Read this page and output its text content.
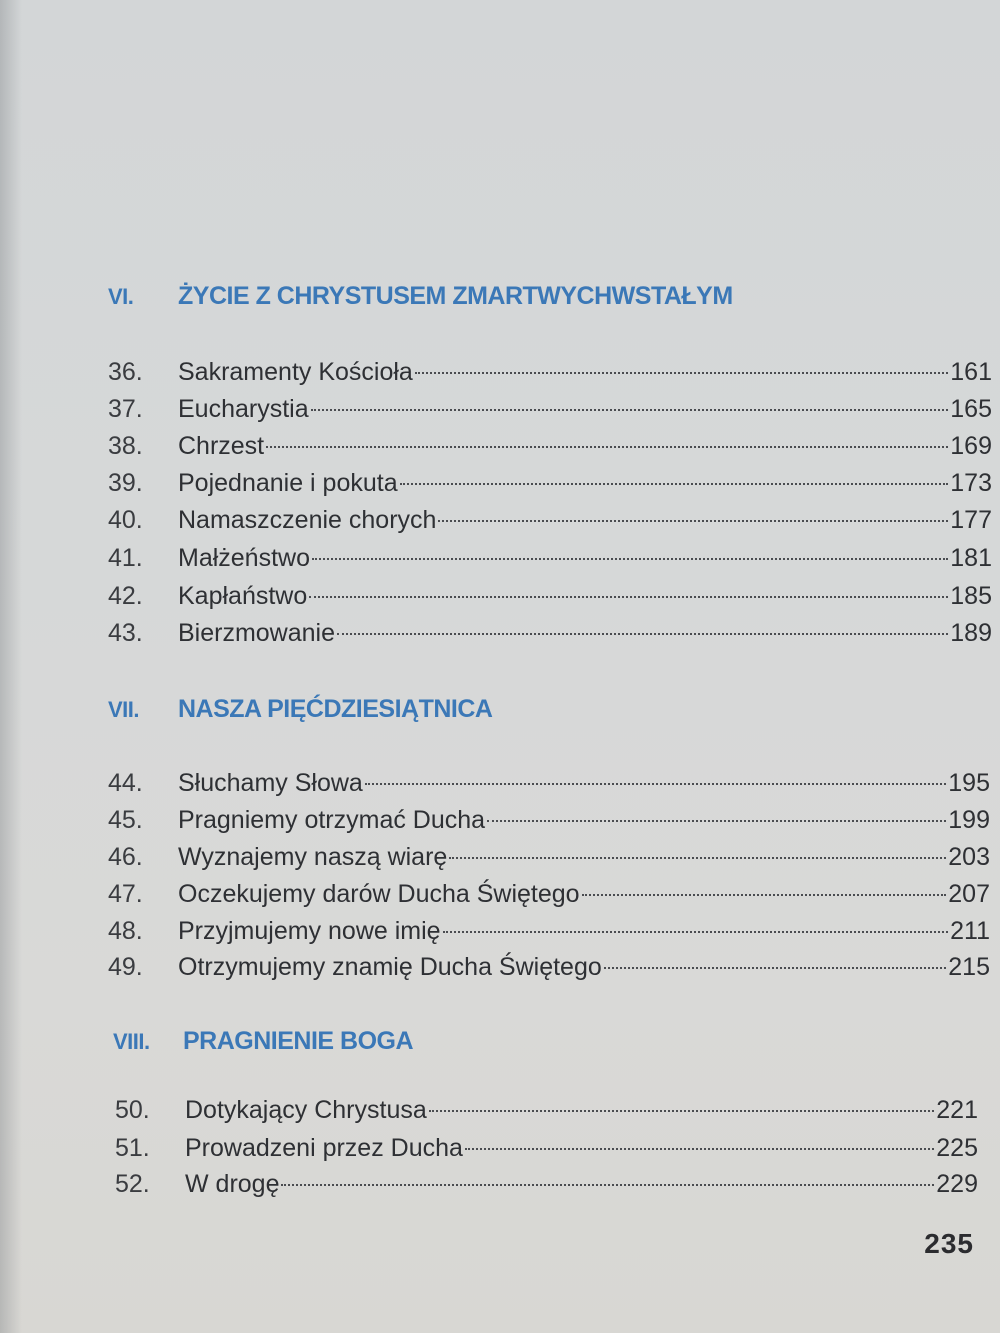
VI.	ŻYCIE Z CHRYSTUSEM ZMARTWYCHWSTAŁYM
36.	Sakramenty Kościoła	161
37.	Eucharystia	165
38.	Chrzest	169
39.	Pojednanie i pokuta	173
40.	Namaszczenie chorych	177
41.	Małżeństwo	181
42.	Kapłaństwo	185
43.	Bierzmowanie	189
VII.	NASZA PIĘĆDZIESIĄTNICA
44.	Słuchamy Słowa	195
45.	Pragniemy otrzymać Ducha	199
46.	Wyznajemy naszą wiarę	203
47.	Oczekujemy darów Ducha Świętego	207
48.	Przyjmujemy nowe imię	211
49.	Otrzymujemy znamię Ducha Świętego	215
VIII.	PRAGNIENIE BOGA
50.	Dotykający Chrystusa	221
51.	Prowadzeni przez Ducha	225
52.	W drogę	229
235
